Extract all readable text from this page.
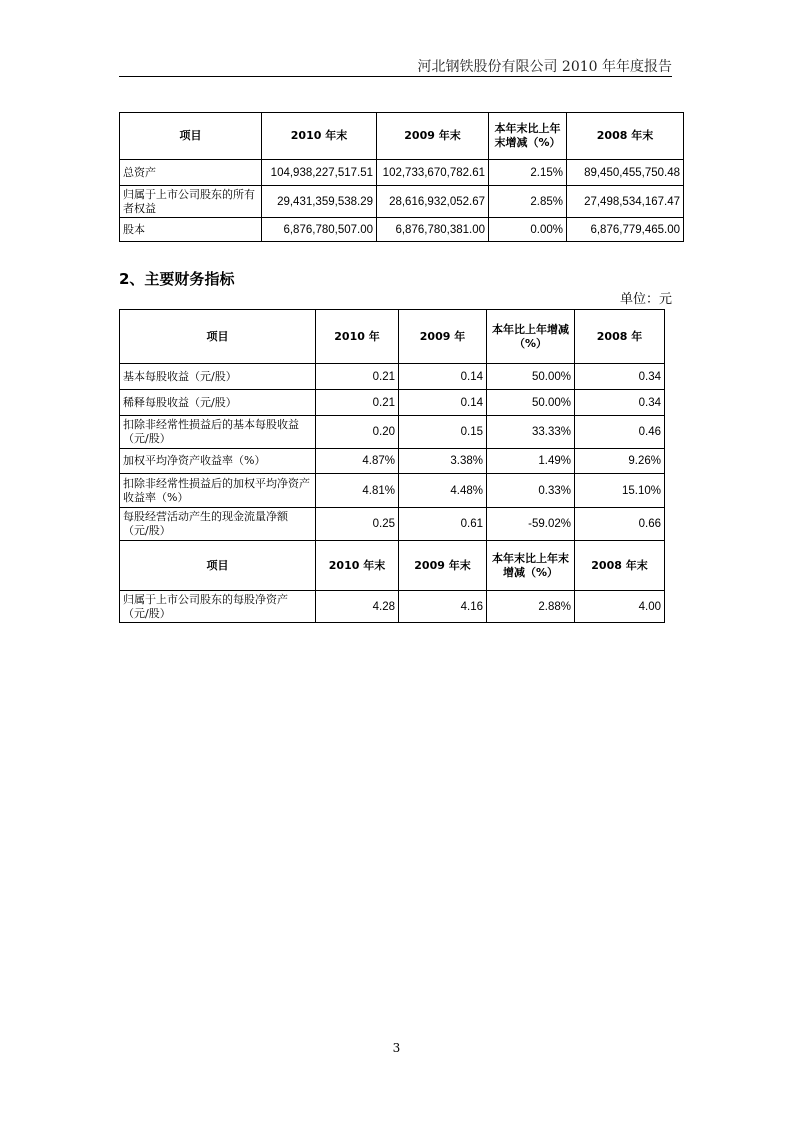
河北钢铁股份有限公司 2010 年年度报告
项目	2010 年末	2009 年末	本年末比上年末增减（%）	2008 年末
总资产	104,938,227,517.51	102,733,670,782.61	2.15%	89,450,455,750.48
归属于上市公司股东的所有者权益	29,431,359,538.29	28,616,932,052.67	2.85%	27,498,534,167.47
股本	6,876,780,507.00	6,876,780,381.00	0.00%	6,876,779,465.00
2、主要财务指标
单位：元
项目	2010 年	2009 年	本年比上年增减（%）	2008 年
基本每股收益（元/股）	0.21	0.14	50.00%	0.34
稀释每股收益（元/股）	0.21	0.14	50.00%	0.34
扣除非经常性损益后的基本每股收益（元/股）	0.20	0.15	33.33%	0.46
加权平均净资产收益率（%）	4.87%	3.38%	1.49%	9.26%
扣除非经常性损益后的加权平均净资产收益率（%）	4.81%	4.48%	0.33%	15.10%
每股经营活动产生的现金流量净额（元/股）	0.25	0.61	-59.02%	0.66
项目	2010 年末	2009 年末	本年末比上年末增减（%）	2008 年末
归属于上市公司股东的每股净资产（元/股）	4.28	4.16	2.88%	4.00
3
